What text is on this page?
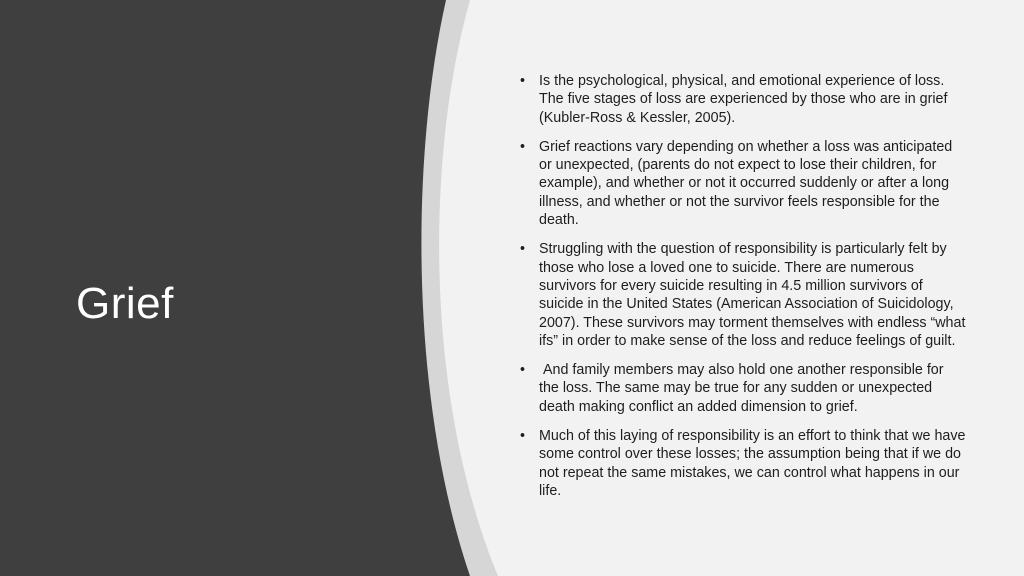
Grief
• Is the psychological, physical, and emotional experience of loss. The five stages of loss are experienced by those who are in grief (Kubler-Ross & Kessler, 2005).
• Grief reactions vary depending on whether a loss was anticipated or unexpected, (parents do not expect to lose their children, for example), and whether or not it occurred suddenly or after a long illness, and whether or not the survivor feels responsible for the death.
• Struggling with the question of responsibility is particularly felt by those who lose a loved one to suicide. There are numerous survivors for every suicide resulting in 4.5 million survivors of suicide in the United States (American Association of Suicidology, 2007). These survivors may torment themselves with endless “what ifs” in order to make sense of the loss and reduce feelings of guilt.
• And family members may also hold one another responsible for the loss. The same may be true for any sudden or unexpected death making conflict an added dimension to grief.
• Much of this laying of responsibility is an effort to think that we have some control over these losses; the assumption being that if we do not repeat the same mistakes, we can control what happens in our life.
